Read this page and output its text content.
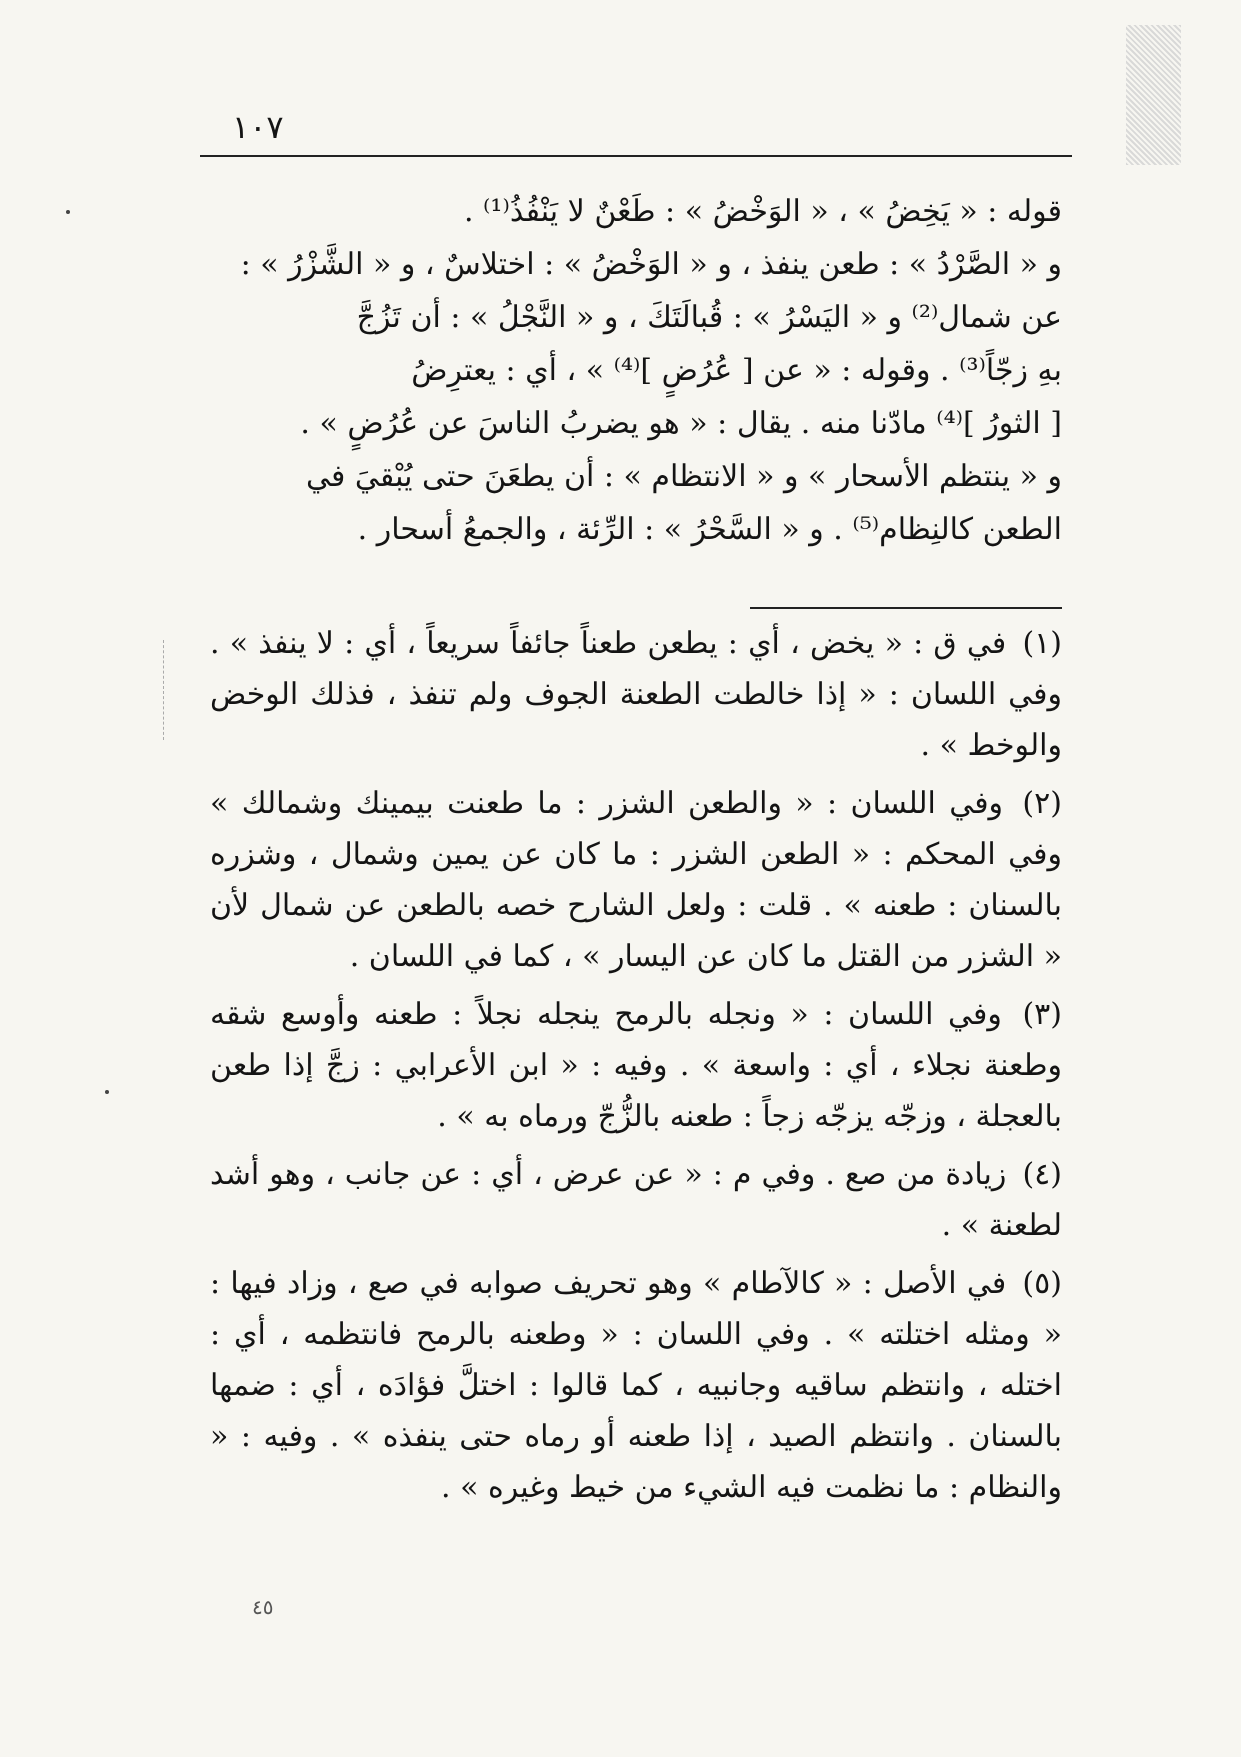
١٠٧

قوله : « يَخِضُ » ، « الوَخْضُ » : طَعْنٌ لا يَنْفُذُ⁽¹⁾ .

و « الصَّرْدُ » : طعن ينفذ ، و « الوَخْضُ » : اختلاسٌ ، و « الشَّزْرُ » :

عن شمال⁽²⁾ و « اليَسْرُ » : قُبالَتَكَ ، و « النَّجْلُ » : أن تَزُجَّ

بهِ زجّاً⁽³⁾ . وقوله : « عن [ عُرُضٍ ]⁽⁴⁾ » ، أي : يعترِضُ

[ الثورُ ]⁽⁴⁾ مادّنا منه . يقال : « هو يضربُ الناسَ عن عُرُضٍ » .

و « ينتظم الأسحار » و « الانتظام » : أن يطعَنَ حتى يُبْقيَ في

الطعن كالنِظام⁽⁵⁾ . و « السَّحْرُ » : الرِّئة ، والجمعُ أسحار .

(١) في ق : « يخض ، أي : يطعن طعناً جائفاً سريعاً ، أي : لا ينفذ » . وفي اللسان : « إذا خالطت الطعنة الجوف ولم تنفذ ، فذلك الوخض والوخط » .

(٢) وفي اللسان : « والطعن الشزر : ما طعنت بيمينك وشمالك » وفي المحكم : « الطعن الشزر : ما كان عن يمين وشمال ، وشزره بالسنان : طعنه » . قلت : ولعل الشارح خصه بالطعن عن شمال لأن « الشزر من القتل ما كان عن اليسار » ، كما في اللسان .

(٣) وفي اللسان : « ونجله بالرمح ينجله نجلاً : طعنه وأوسع شقه وطعنة نجلاء ، أي : واسعة » . وفيه : « ابن الأعرابي : زجَّ إذا طعن بالعجلة ، وزجّه يزجّه زجاً : طعنه بالزُّجّ ورماه به » .

(٤) زيادة من صع . وفي م : « عن عرض ، أي : عن جانب ، وهو أشد لطعنة » .

(٥) في الأصل : « كالآطام » وهو تحريف صوابه في صع ، وزاد فيها : « ومثله اختلته » . وفي اللسان : « وطعنه بالرمح فانتظمه ، أي : اختله ، وانتظم ساقيه وجانبيه ، كما قالوا : اختلَّ فؤادَه ، أي : ضمها بالسنان . وانتظم الصيد ، إذا طعنه أو رماه حتى ينفذه » . وفيه : « والنظام : ما نظمت فيه الشيء من خيط وغيره » .

٤٥
